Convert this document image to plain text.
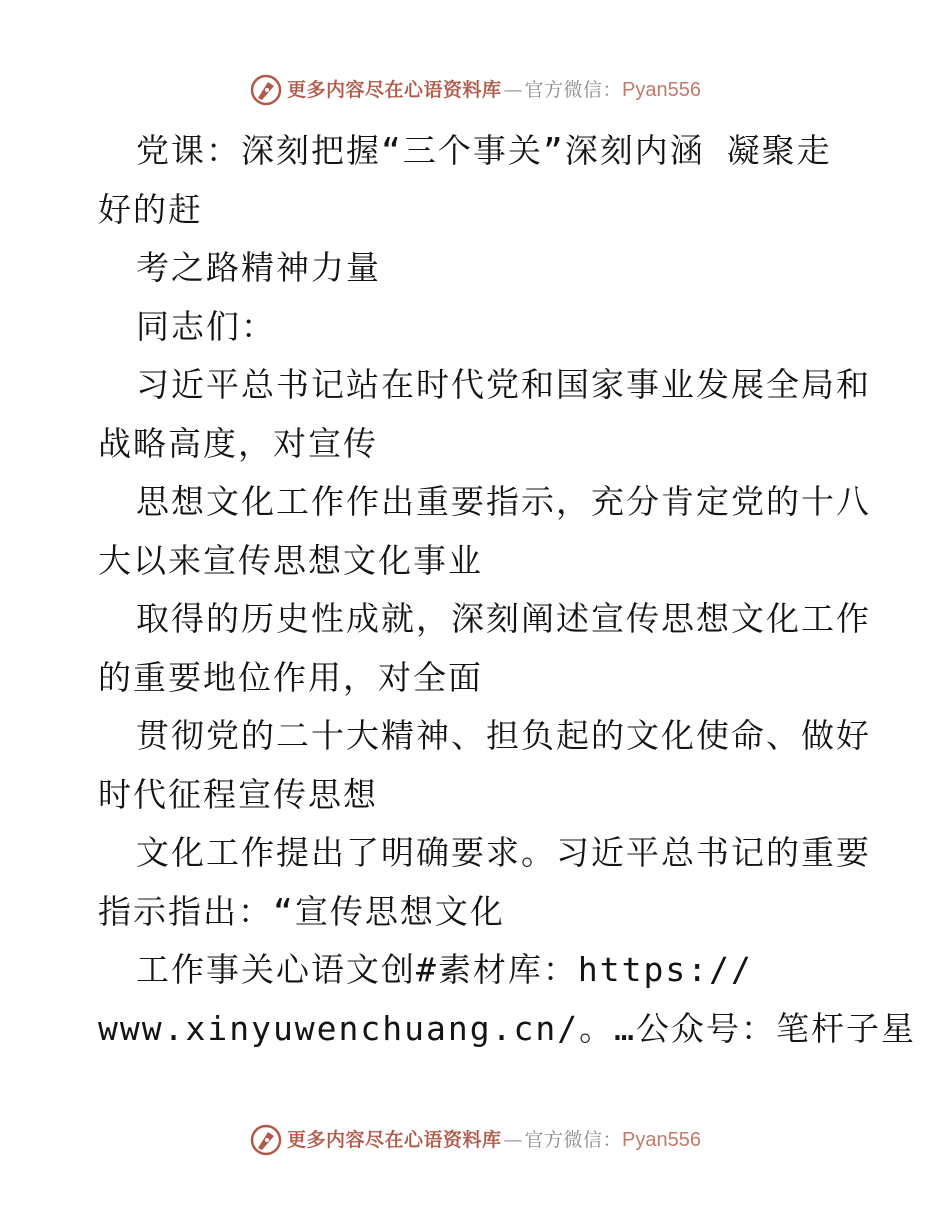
更多内容尽在心语资料库 — 官方微信： Pyan556
党课：深刻把握“三个事关”深刻内涵 凝聚走
好的赶
考之路精神力量
同志们：
习近平总书记站在时代党和国家事业发展全局和
战略高度，对宣传
思想文化工作作出重要指示，充分肯定党的十八
大以来宣传思想文化事业
取得的历史性成就，深刻阐述宣传思想文化工作
的重要地位作用，对全面
贯彻党的二十大精神、担负起的文化使命、做好
时代征程宣传思想
文化工作提出了明确要求。习近平总书记的重要
指示指出：“宣传思想文化
工作事关心语文创#素材库：https://
www.xinyuwenchuang.cn/。…公众号：笔杆子星
更多内容尽在心语资料库 — 官方微信： Pyan556
